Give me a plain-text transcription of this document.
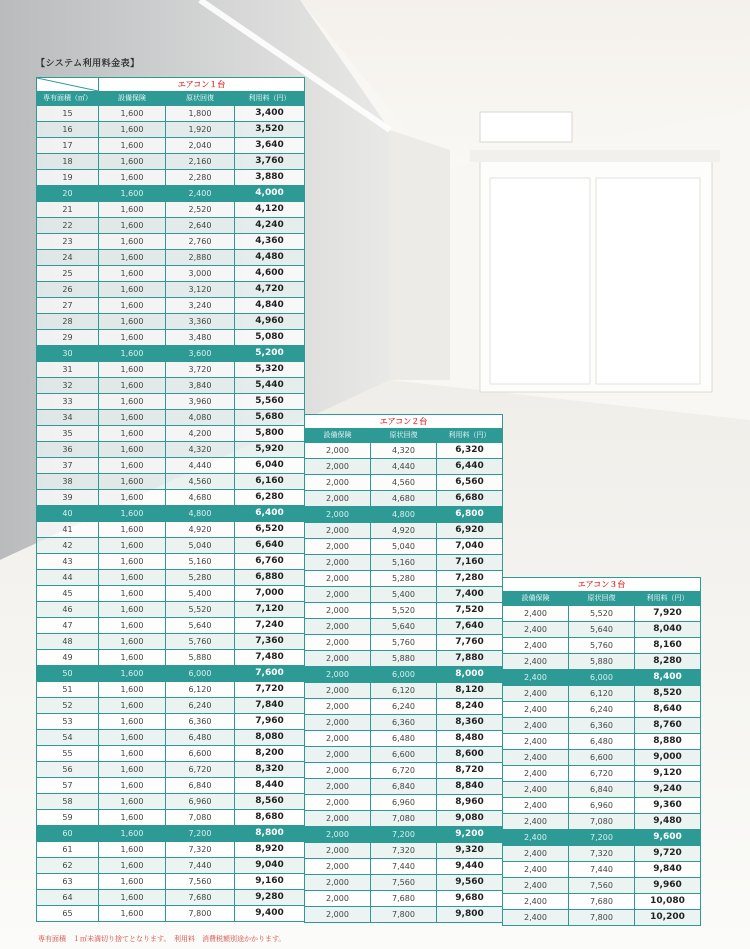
【システム利用料金表】
	エアコン１台		
専有面積（㎡）	設備保険	原状回復	利用料（円）
15	1,600	1,800	3,400
16	1,600	1,920	3,520
17	1,600	2,040	3,640
18	1,600	2,160	3,760
19	1,600	2,280	3,880
20	1,600	2,400	4,000
21	1,600	2,520	4,120
22	1,600	2,640	4,240
23	1,600	2,760	4,360
24	1,600	2,880	4,480
25	1,600	3,000	4,600
26	1,600	3,120	4,720
27	1,600	3,240	4,840
28	1,600	3,360	4,960
29	1,600	3,480	5,080
30	1,600	3,600	5,200
31	1,600	3,720	5,320
32	1,600	3,840	5,440
33	1,600	3,960	5,560
34	1,600	4,080	5,680
35	1,600	4,200	5,800
36	1,600	4,320	5,920
37	1,600	4,440	6,040
38	1,600	4,560	6,160
39	1,600	4,680	6,280
40	1,600	4,800	6,400
41	1,600	4,920	6,520
42	1,600	5,040	6,640
43	1,600	5,160	6,760
44	1,600	5,280	6,880
45	1,600	5,400	7,000
46	1,600	5,520	7,120
47	1,600	5,640	7,240
48	1,600	5,760	7,360
49	1,600	5,880	7,480
50	1,600	6,000	7,600
51	1,600	6,120	7,720
52	1,600	6,240	7,840
53	1,600	6,360	7,960
54	1,600	6,480	8,080
55	1,600	6,600	8,200
56	1,600	6,720	8,320
57	1,600	6,840	8,440
58	1,600	6,960	8,560
59	1,600	7,080	8,680
60	1,600	7,200	8,800
61	1,600	7,320	8,920
62	1,600	7,440	9,040
63	1,600	7,560	9,160
64	1,600	7,680	9,280
65	1,600	7,800	9,400
エアコン２台		
設備保険	原状回復	利用料（円）
2,000	4,320	6,320
2,000	4,440	6,440
2,000	4,560	6,560
2,000	4,680	6,680
2,000	4,800	6,800
2,000	4,920	6,920
2,000	5,040	7,040
2,000	5,160	7,160
2,000	5,280	7,280
2,000	5,400	7,400
2,000	5,520	7,520
2,000	5,640	7,640
2,000	5,760	7,760
2,000	5,880	7,880
2,000	6,000	8,000
2,000	6,120	8,120
2,000	6,240	8,240
2,000	6,360	8,360
2,000	6,480	8,480
2,000	6,600	8,600
2,000	6,720	8,720
2,000	6,840	8,840
2,000	6,960	8,960
2,000	7,080	9,080
2,000	7,200	9,200
2,000	7,320	9,320
2,000	7,440	9,440
2,000	7,560	9,560
2,000	7,680	9,680
2,000	7,800	9,800
エアコン３台		
設備保険	原状回復	利用料（円）
2,400	5,520	7,920
2,400	5,640	8,040
2,400	5,760	8,160
2,400	5,880	8,280
2,400	6,000	8,400
2,400	6,120	8,520
2,400	6,240	8,640
2,400	6,360	8,760
2,400	6,480	8,880
2,400	6,600	9,000
2,400	6,720	9,120
2,400	6,840	9,240
2,400	6,960	9,360
2,400	7,080	9,480
2,400	7,200	9,600
2,400	7,320	9,720
2,400	7,440	9,840
2,400	7,560	9,960
2,400	7,680	10,080
2,400	7,800	10,200
専有面積　１㎡未満切り捨てとなります。　利用料　消費税額別途かかります。
